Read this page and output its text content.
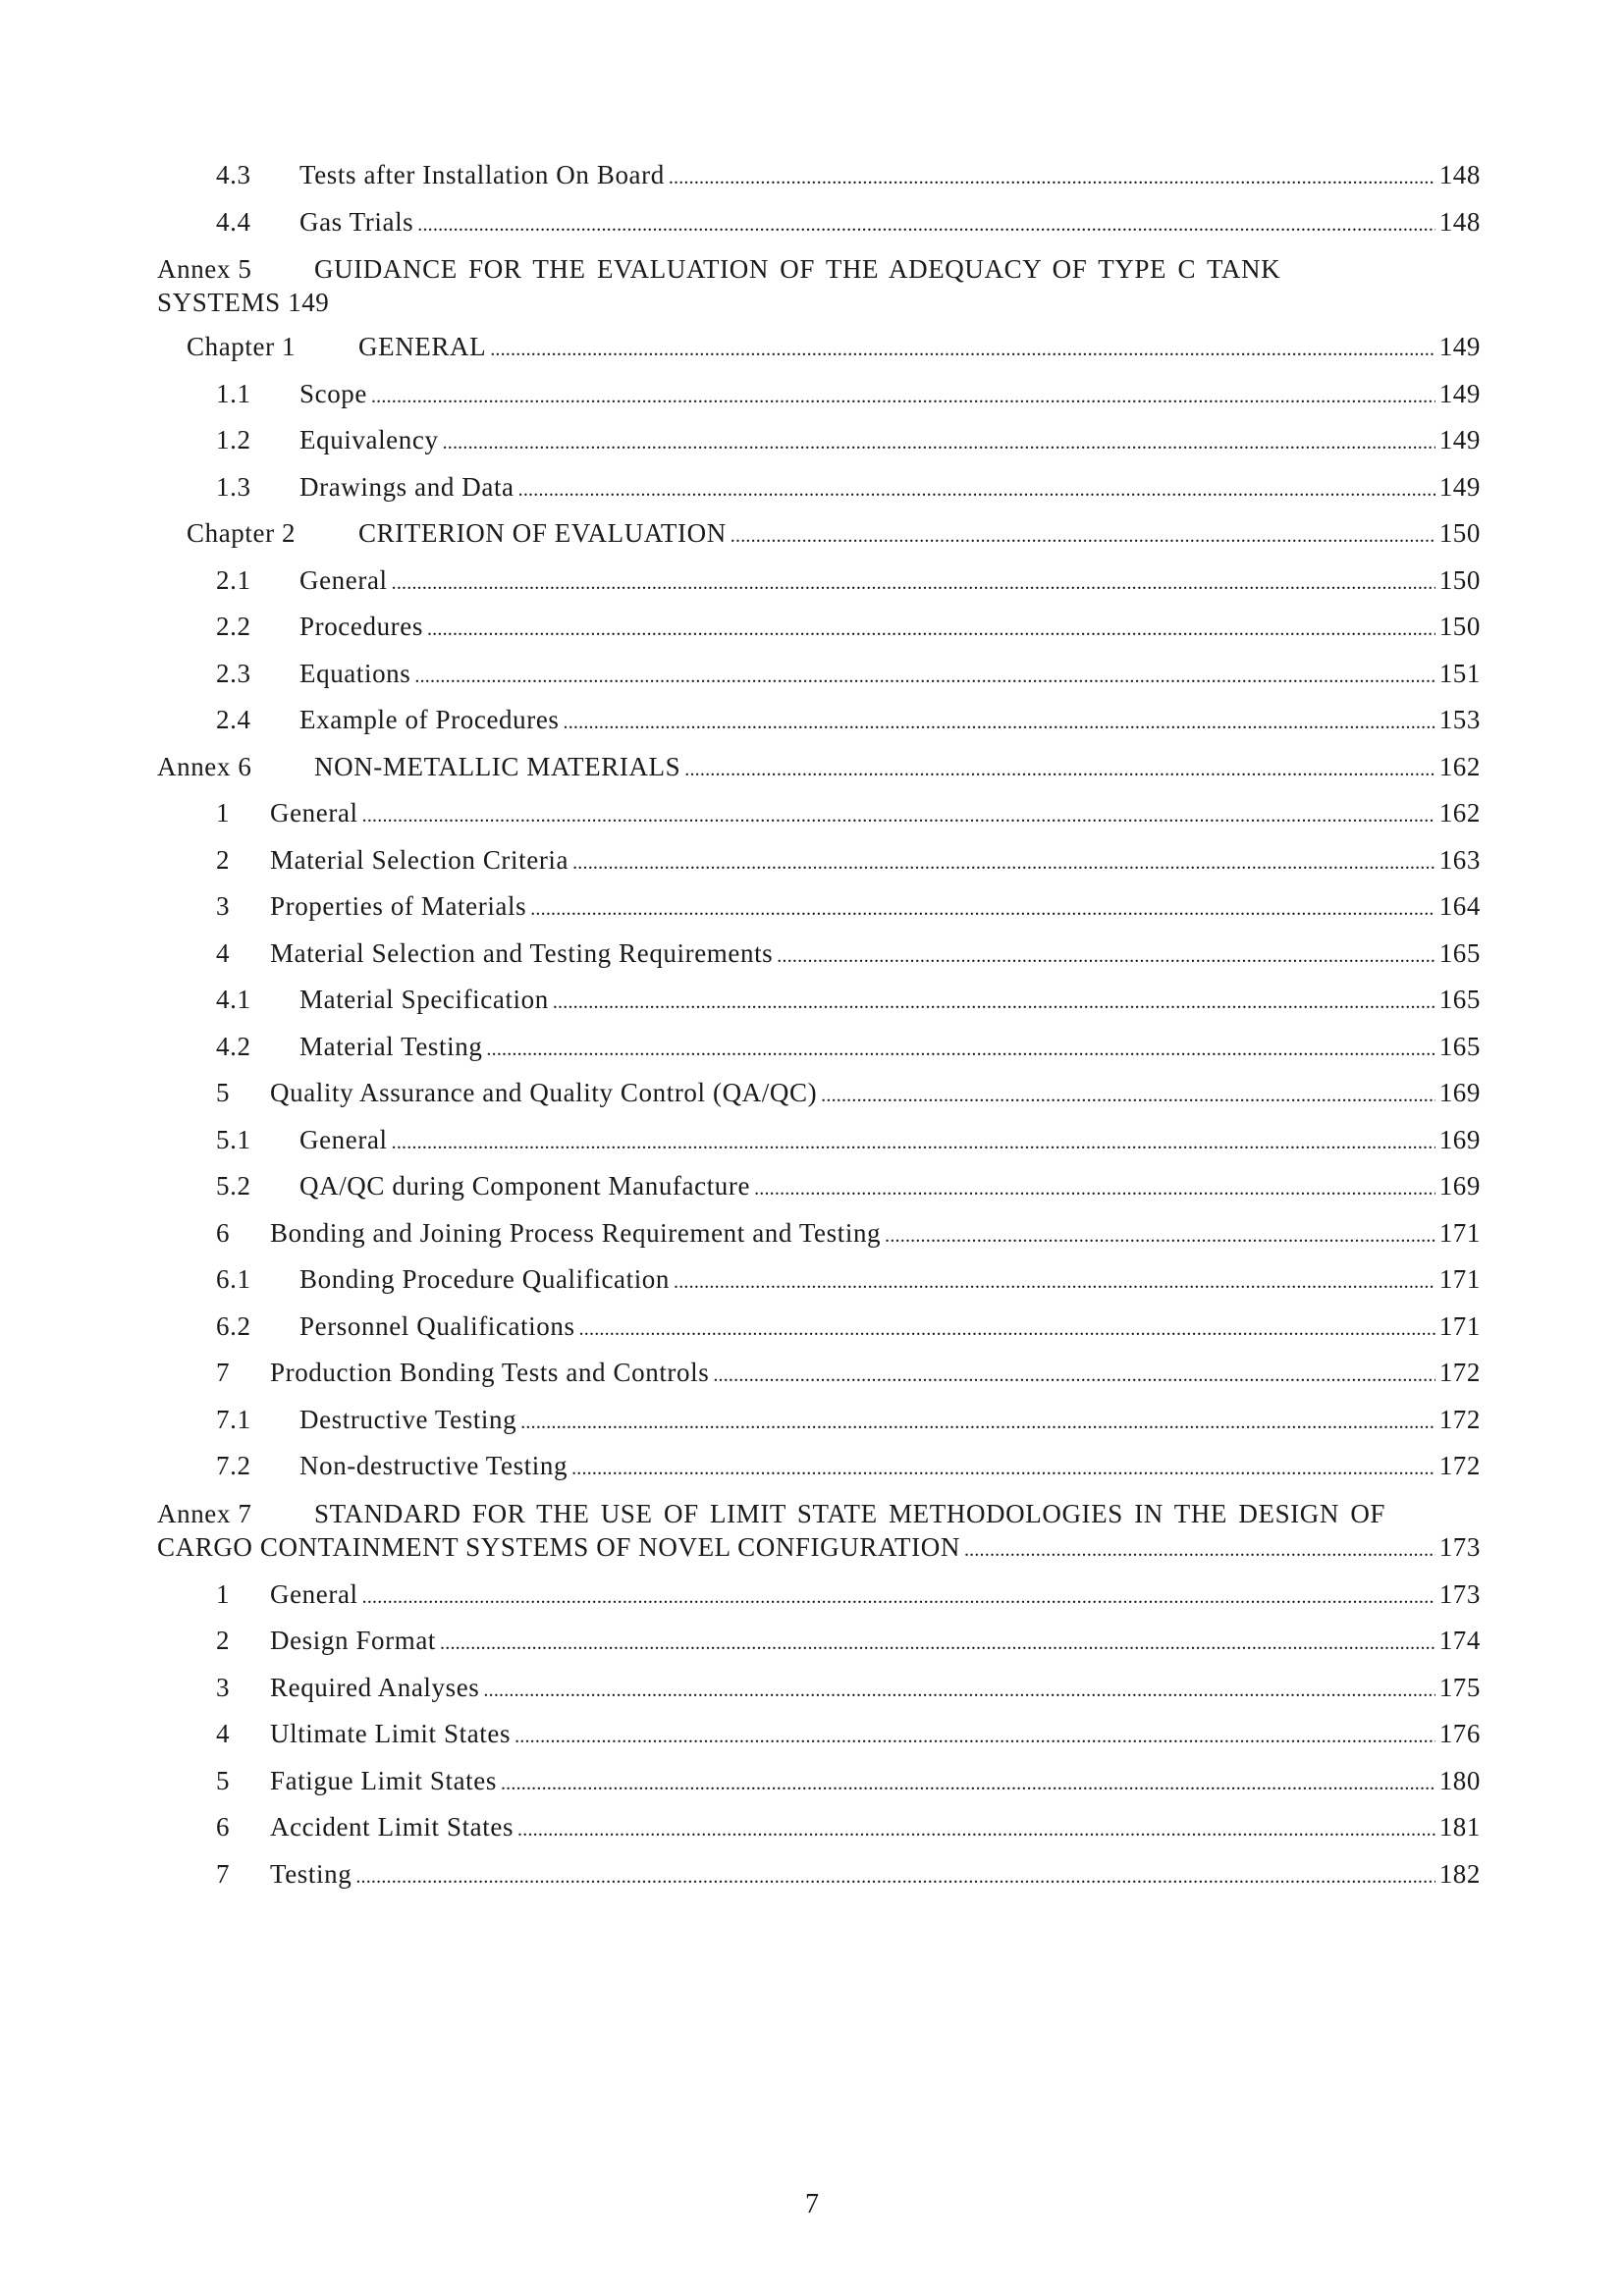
4.3	Tests after Installation On Board . . .	148
4.4	Gas Trials . . .	148
Annex 5	GUIDANCE FOR THE EVALUATION OF THE ADEQUACY OF TYPE C TANK
SYSTEMS 149
Chapter 1	GENERAL . . .	149
1.1	Scope . . .	149
1.2	Equivalency . . .	149
1.3	Drawings and Data . . .	149
Chapter 2	CRITERION OF EVALUATION . . .	150
2.1	General . . .	150
2.2	Procedures . . .	150
2.3	Equations . . .	151
2.4	Example of Procedures . . .	153
Annex 6	NON-METALLIC MATERIALS . . .	162
1	General . . .	162
2	Material Selection Criteria . . .	163
3	Properties of Materials . . .	164
4	Material Selection and Testing Requirements . . .	165
4.1	Material Specification . . .	165
4.2	Material Testing . . .	165
5	Quality Assurance and Quality Control (QA/QC) . . .	169
5.1	General . . .	169
5.2	QA/QC during Component Manufacture . . .	169
6	Bonding and Joining Process Requirement and Testing . . .	171
6.1	Bonding Procedure Qualification . . .	171
6.2	Personnel Qualifications . . .	171
7	Production Bonding Tests and Controls . . .	172
7.1	Destructive Testing . . .	172
7.2	Non-destructive Testing . . .	172
Annex 7	STANDARD FOR THE USE OF LIMIT STATE METHODOLOGIES IN THE DESIGN OF
CARGO CONTAINMENT SYSTEMS OF NOVEL CONFIGURATION . . .	173
1	General . . .	173
2	Design Format . . .	174
3	Required Analyses . . .	175
4	Ultimate Limit States . . .	176
5	Fatigue Limit States . . .	180
6	Accident Limit States . . .	181
7	Testing . . .	182
7
